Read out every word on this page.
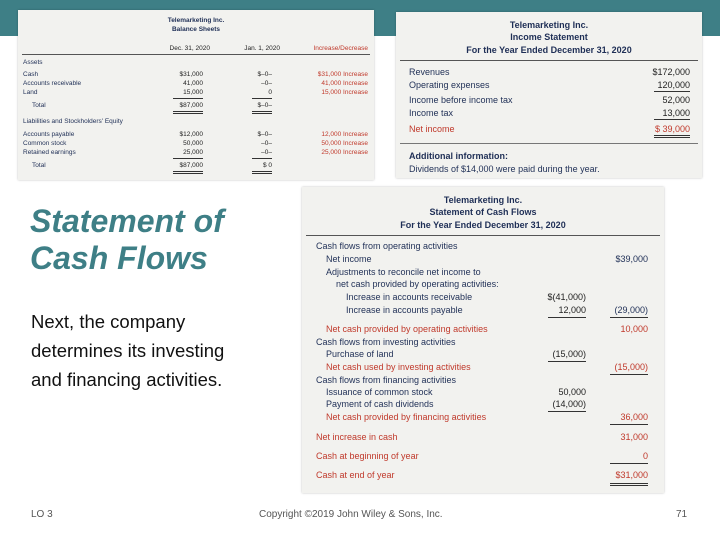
Telemarketing Inc.
Balance Sheets
Dec. 31, 2020	Jan. 1, 2020	Increase/Decrease
Assets
Cash	$31,000	$–0–	$31,000 Increase
Accounts receivable	41,000	–0–	41,000 Increase
Land	15,000	0	15,000 Increase
Total	$87,000	$–0–
Liabilities and Stockholders' Equity
Accounts payable	$12,000	$–0–	12,000 Increase
Common stock	50,000	–0–	50,000 Increase
Retained earnings	25,000	–0–	25,000 Increase
Total	$87,000	$ 0
Telemarketing Inc.
Income Statement
For the Year Ended December 31, 2020
Revenues	$172,000
Operating expenses	120,000
Income before income tax	52,000
Income tax	13,000
Net income	$ 39,000
Additional information:
Dividends of $14,000 were paid during the year.
Statement of
Cash Flows
Next, the company determines its investing and financing activities.
Telemarketing Inc.
Statement of Cash Flows
For the Year Ended December 31, 2020
Cash flows from operating activities
Net income	$39,000
Adjustments to reconcile net income to
net cash provided by operating activities:
Increase in accounts receivable	$(41,000)
Increase in accounts payable	12,000	(29,000)
Net cash provided by operating activities	10,000
Cash flows from investing activities
Purchase of land	(15,000)
Net cash used by investing activities	(15,000)
Cash flows from financing activities
Issuance of common stock	50,000
Payment of cash dividends	(14,000)
Net cash provided by financing activities	36,000
Net increase in cash	31,000
Cash at beginning of year	0
Cash at end of year	$31,000
LO 3	Copyright ©2019 John Wiley & Sons, Inc.	71
